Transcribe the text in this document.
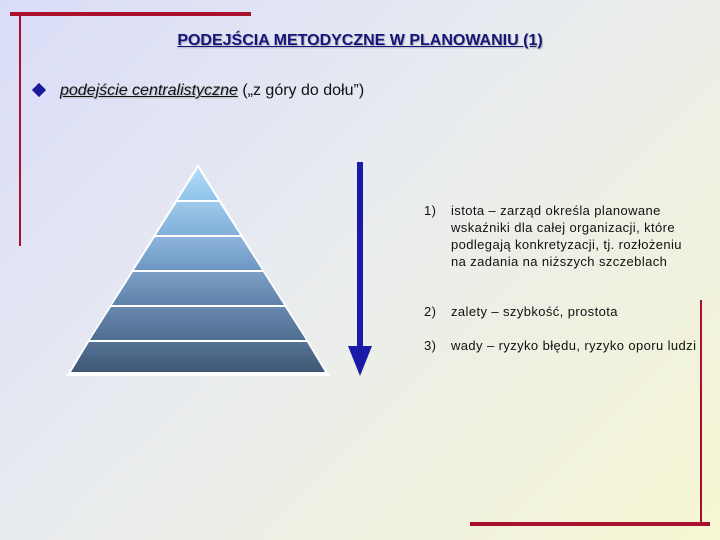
PODEJŚCIA METODYCZNE W PLANOWANIU (1)
podejście centralistyczne („z góry do dołu”)
1) istota – zarząd określa planowane wskaźniki dla całej organizacji, które podlegają konkretyzacji, tj. rozłożeniu na zadania na niższych szczeblach
2) zalety – szybkość, prostota
3) wady – ryzyko błędu, ryzyko oporu ludzi
